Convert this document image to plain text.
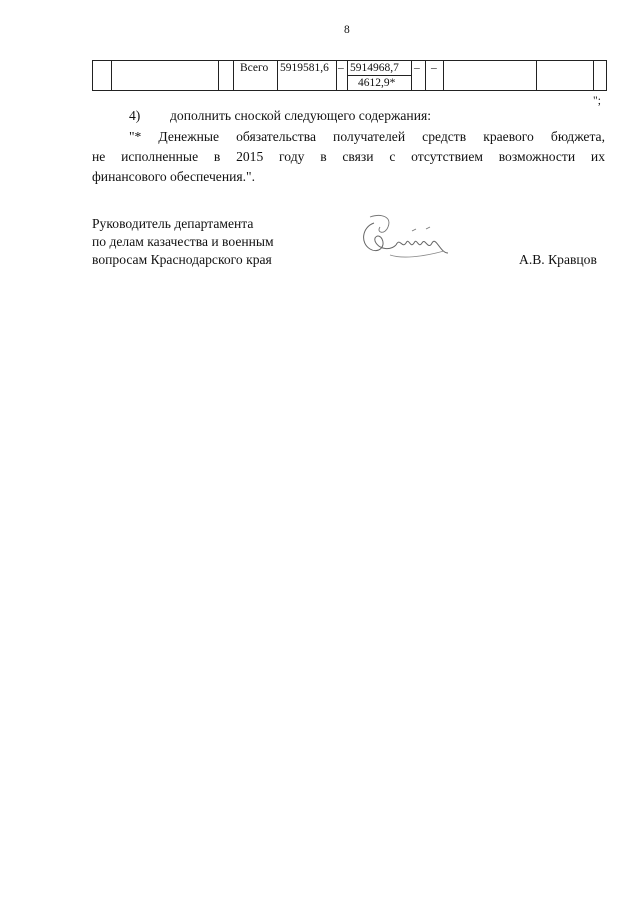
8
Всего 5919581,6 – 5914968,7
4612,9*
– –
";
4) дополнить сноской следующего содержания:
"* Денежные обязательства получателей средств краевого бюджета,
не исполненные в 2015 году в связи с отсутствием возможности их
финансового обеспечения.".
Руководитель департамента
по делам казачества и военным
вопросам Краснодарского края	А.В. Кравцов
